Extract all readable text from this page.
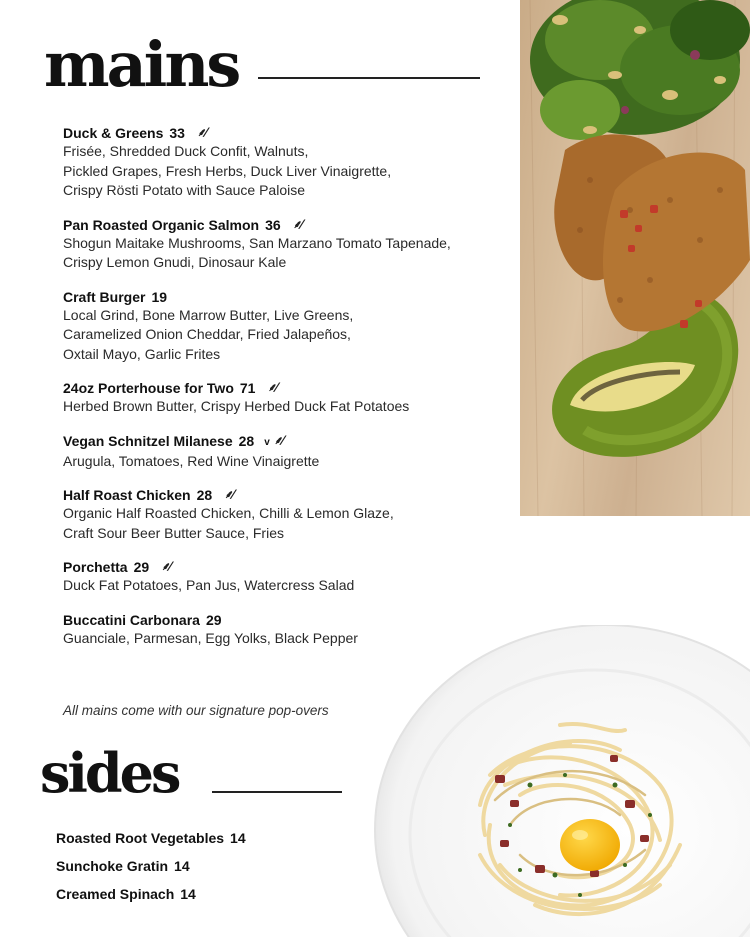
mains
Duck & Greens 33 ⸙̸
Frisée, Shredded Duck Confit, Walnuts,
Pickled Grapes, Fresh Herbs, Duck Liver Vinaigrette,
Crispy Rösti Potato with Sauce Paloise
Pan Roasted Organic Salmon 36 ⸙̸
Shogun Maitake Mushrooms, San Marzano Tomato Tapenade,
Crispy Lemon Gnudi, Dinosaur Kale
Craft Burger 19
Local Grind, Bone Marrow Butter, Live Greens,
Caramelized Onion Cheddar, Fried Jalapeños,
Oxtail Mayo, Garlic Frites
24oz Porterhouse for Two 71 ⸙̸
Herbed Brown Butter, Crispy Herbed Duck Fat Potatoes
Vegan Schnitzel Milanese 28 v ⸙̸
Arugula, Tomatoes, Red Wine Vinaigrette
Half Roast Chicken 28 ⸙̸
Organic Half Roasted Chicken, Chilli & Lemon Glaze,
Craft Sour Beer Butter Sauce, Fries
Porchetta 29 ⸙̸
Duck Fat Potatoes, Pan Jus, Watercress Salad
Buccatini Carbonara 29
Guanciale, Parmesan, Egg Yolks, Black Pepper
All mains come with our signature pop-overs
sides
Roasted Root Vegetables 14
Sunchoke Gratin 14
Creamed Spinach 14
